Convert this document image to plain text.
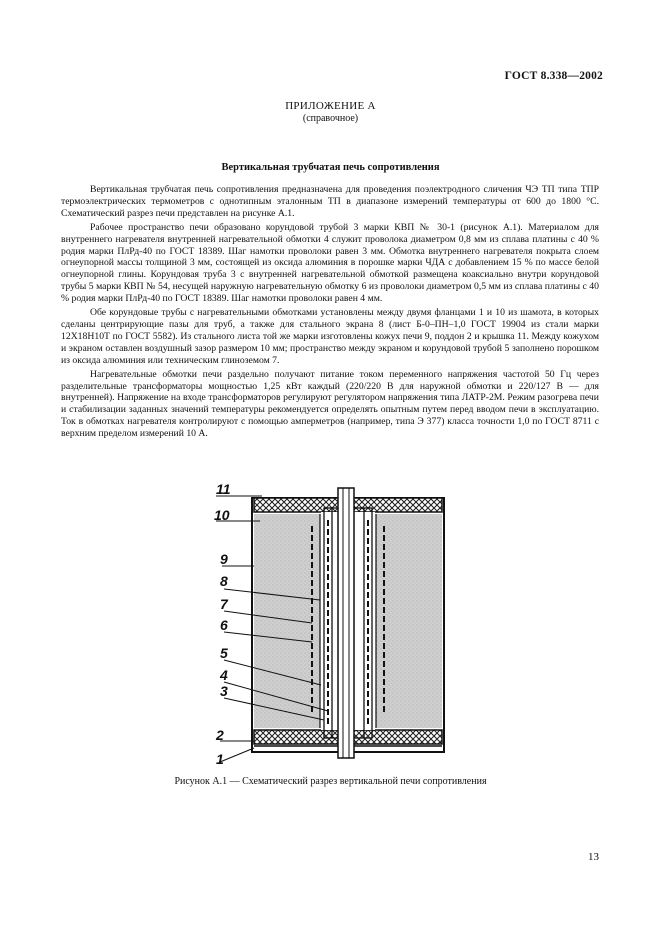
ГОСТ 8.338—2002
ПРИЛОЖЕНИЕ А
(справочное)
Вертикальная трубчатая печь сопротивления

Вертикальная трубчатая печь сопротивления предназначена для проведения поэлектродного сличения ЧЭ ТП типа ТПР термоэлектрических термометров с однотипным эталонным ТП в диапазоне измерений температуры от 600 до 1800 °С. Схематический разрез печи представлен на рисунке А.1.

Рабочее пространство печи образовано корундовой трубой 3 марки КВП № 30-1 (рисунок А.1). Материалом для внутреннего нагревателя внутренней нагревательной обмотки 4 служит проволока диаметром 0,8 мм из сплава платины с 40 % родия марки ПлРд-40 по ГОСТ 18389. Шаг намотки проволоки равен 3 мм. Обмотка внутреннего нагревателя покрыта слоем огнеупорной массы толщиной 3 мм, состоящей из оксида алюминия в порошке марки ЧДА с добавлением 15 % по массе белой огнеупорной глины. Корундовая труба 3 с внутренней нагревательной обмоткой размещена коаксиально внутри корундовой трубы 5 марки КВП № 54, несущей наружную нагревательную обмотку 6 из проволоки диаметром 0,5 мм из сплава платины с 40 % родия марки ПлРд-40 по ГОСТ 18389. Шаг намотки проволоки равен 4 мм.

Обе корундовые трубы с нагревательными обмотками установлены между двумя фланцами 1 и 10 из шамота, в которых сделаны центрирующие пазы для труб, а также для стального экрана 8 (лист Б-0–ПН–1,0 ГОСТ 19904 из стали марки 12Х18Н10Т по ГОСТ 5582). Из стального листа той же марки изготовлены кожух печи 9, поддон 2 и крышка 11. Между кожухом и экраном оставлен воздушный зазор размером 10 мм; пространство между экраном и корундовой трубой 5 заполнено порошком из оксида алюминия или техническим глиноземом 7.

Нагревательные обмотки печи раздельно получают питание током переменного напряжения частотой 50 Гц через разделительные трансформаторы мощностью 1,25 кВт каждый (220/220 В для наружной обмотки и 220/127 В — для внутренней). Напряжение на входе трансформаторов регулируют регулятором напряжения типа ЛАТР-2М. Режим разогрева печи и стабилизации заданных значений температуры рекомендуется определять опытным путем перед вводом печи в эксплуатацию. Ток в обмотках нагревателя контролируют с помощью амперметров (например, типа Э 377) класса точности 1,0 по ГОСТ 8711 с верхним пределом измерений 10 А.

11
10
9
8
7
6
5
4
3
2
1
Рисунок А.1 — Схематический разрез вертикальной печи сопротивления
13
